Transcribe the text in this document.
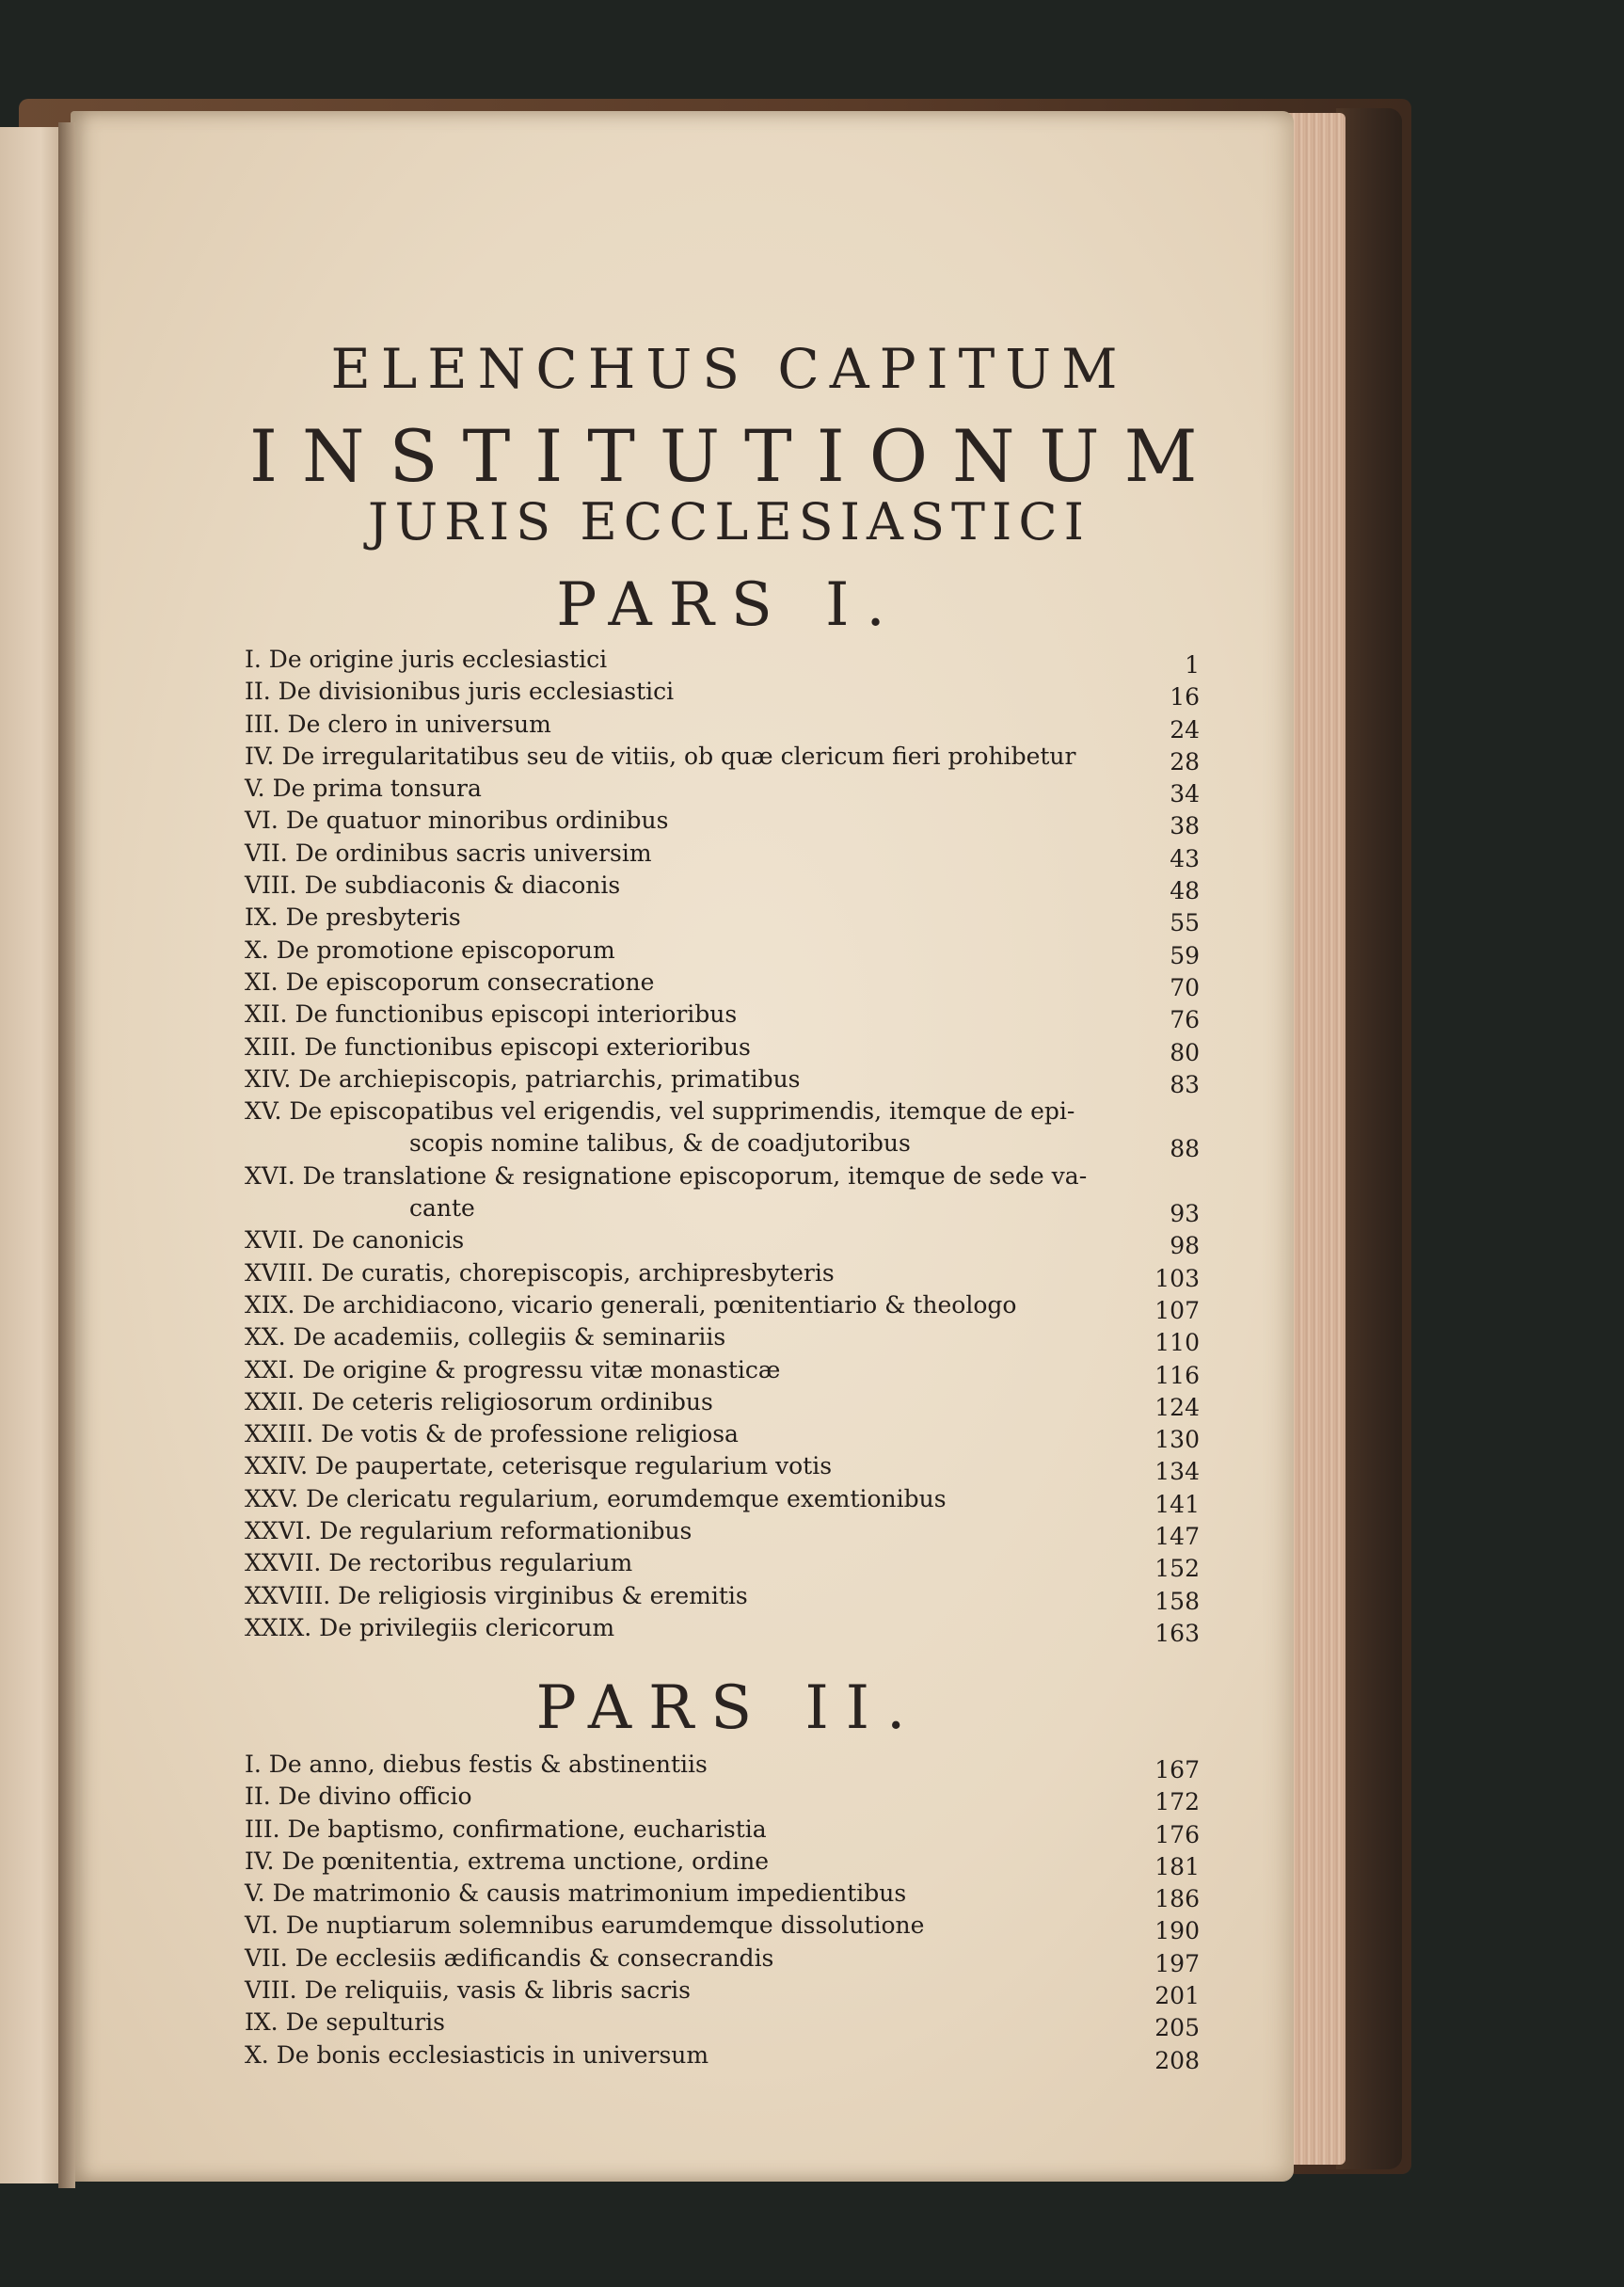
ELENCHUS CAPITUM
INSTITUTIONUM
JURIS ECCLESIASTICI
PARS I.
I. De origine juris ecclesiastici	1
II. De divisionibus juris ecclesiastici	16
III. De clero in universum	24
IV. De irregularitatibus seu de vitiis, ob quæ clericum fieri prohibetur	28
V. De prima tonsura	34
VI. De quatuor minoribus ordinibus	38
VII. De ordinibus sacris universim	43
VIII. De subdiaconis & diaconis	48
IX. De presbyteris	55
X. De promotione episcoporum	59
XI. De episcoporum consecratione	70
XII. De functionibus episcopi interioribus	76
XIII. De functionibus episcopi exterioribus	80
XIV. De archiepiscopis, patriarchis, primatibus	83
XV. De episcopatibus vel erigendis, vel supprimendis, itemque de epi-
scopis nomine talibus, & de coadjutoribus	88
XVI. De translatione & resignatione episcoporum, itemque de sede va-
cante	93
XVII. De canonicis	98
XVIII. De curatis, chorepiscopis, archipresbyteris	103
XIX. De archidiacono, vicario generali, pœnitentiario & theologo	107
XX. De academiis, collegiis & seminariis	110
XXI. De origine & progressu vitæ monasticæ	116
XXII. De ceteris religiosorum ordinibus	124
XXIII. De votis & de professione religiosa	130
XXIV. De paupertate, ceterisque regularium votis	134
XXV. De clericatu regularium, eorumdemque exemtionibus	141
XXVI. De regularium reformationibus	147
XXVII. De rectoribus regularium	152
XXVIII. De religiosis virginibus & eremitis	158
XXIX. De privilegiis clericorum	163
PARS II.
I. De anno, diebus festis & abstinentiis	167
II. De divino officio	172
III. De baptismo, confirmatione, eucharistia	176
IV. De pœnitentia, extrema unctione, ordine	181
V. De matrimonio & causis matrimonium impedientibus	186
VI. De nuptiarum solemnibus earumdemque dissolutione	190
VII. De ecclesiis ædificandis & consecrandis	197
VIII. De reliquiis, vasis & libris sacris	201
IX. De sepulturis	205
X. De bonis ecclesiasticis in universum	208
